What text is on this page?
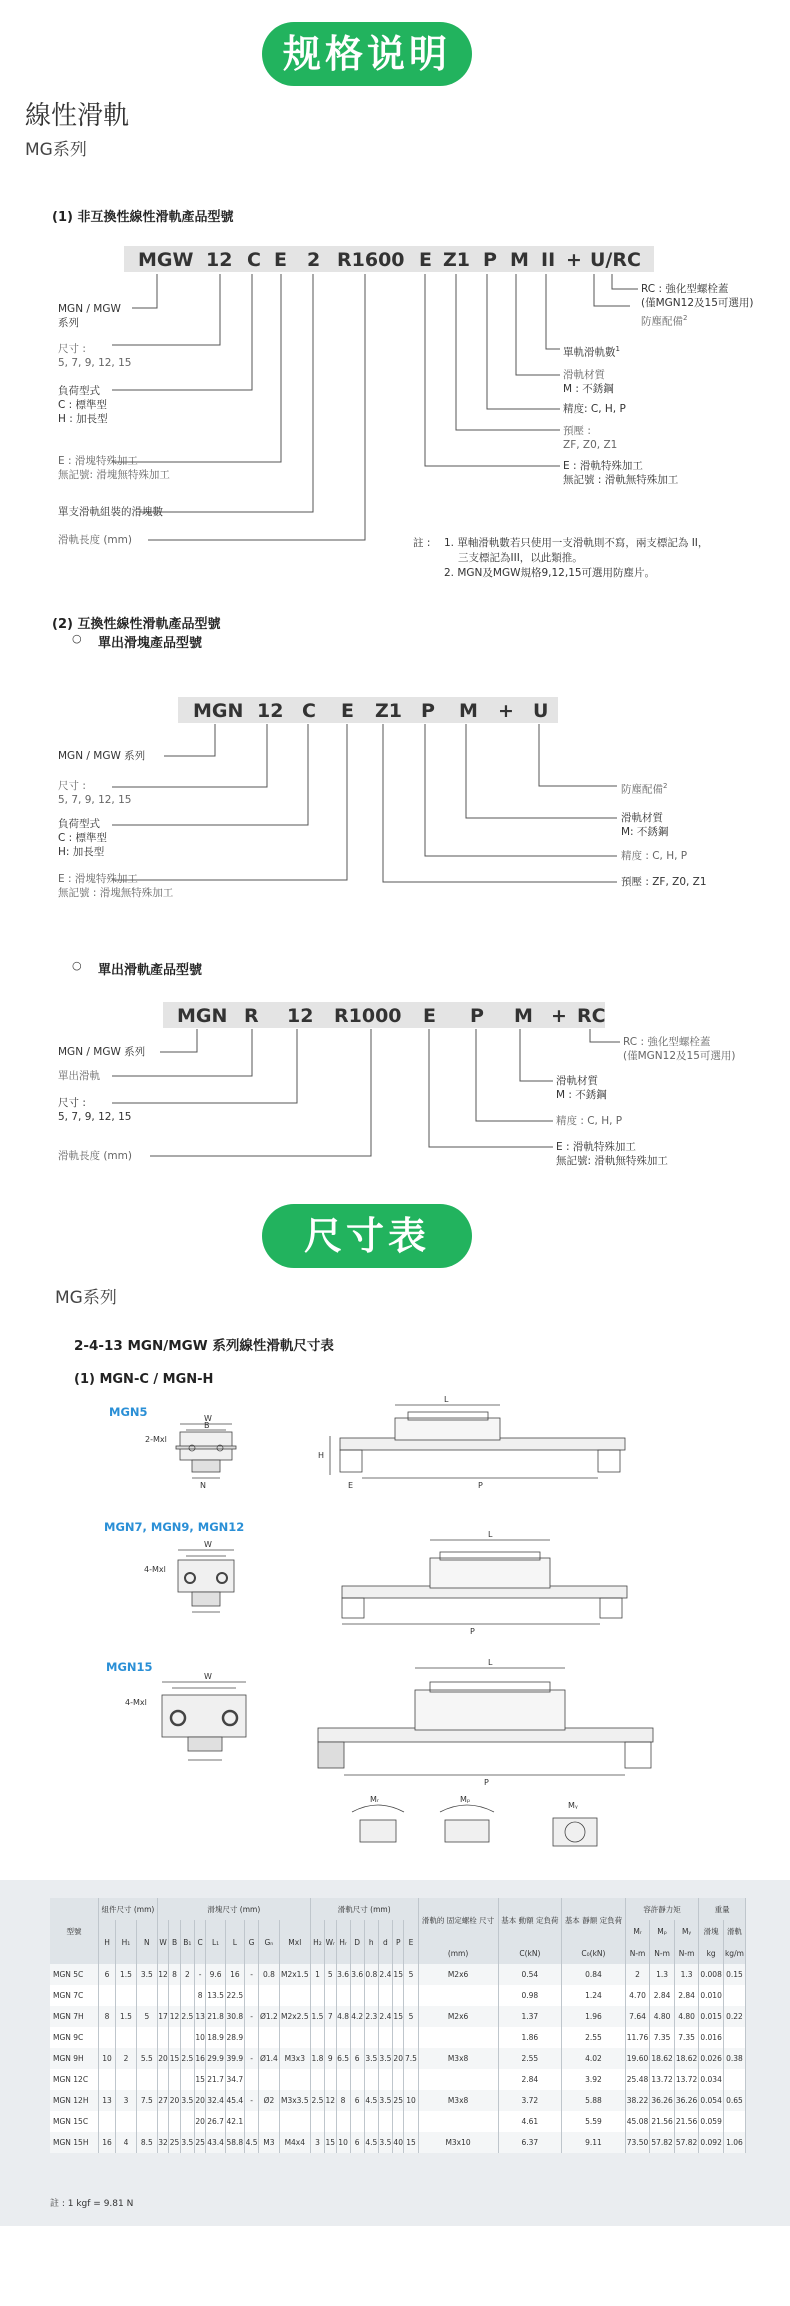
规格说明
線性滑軌
MG系列
(1) 非互換性線性滑軌產品型號
MGW 12 C E 2 R1600 E Z1 P M II + U/RC
MGN / MGW
系列
尺寸 :
5, 7, 9, 12, 15
負荷型式
C : 標準型
H : 加長型
E : 滑塊特殊加工
無記號: 滑塊無特殊加工
單支滑軌組裝的滑塊數
滑軌長度 (mm)
RC : 強化型螺栓蓋
(僅MGN12及15可選用)
防塵配備$^2$
單軌滑軌數$^1$
滑軌材質
M : 不銹鋼
精度: C, H, P
預壓 :
ZF, Z0, Z1
E : 滑軌特殊加工
無記號 : 滑軌無特殊加工
註 : 1. 單軸滑軌數若只使用一支滑軌則不寫，兩支標記為 II，
三支標記為III，以此類推。
2. MGN及MGW規格9,12,15可選用防塵片。
(2) 互換性線性滑軌產品型號
○ 單出滑塊產品型號
MGN 12 C E Z1 P M + U
MGN / MGW 系列
尺寸 :
5, 7, 9, 12, 15
負荷型式
C : 標準型
H: 加長型
E : 滑塊特殊加工
無記號 : 滑塊無特殊加工
防塵配備$^2$
滑軌材質
M: 不銹鋼
精度 : C, H, P
預壓 : ZF, Z0, Z1
○ 單出滑軌產品型號
MGN R 12 R1000 E P M + RC
MGN / MGW 系列
單出滑軌
尺寸 :
5, 7, 9, 12, 15
滑軌長度 (mm)
RC : 強化型螺栓蓋
(僅MGN12及15可選用)
滑軌材質
M : 不銹鋼
精度 : C, H, P
E : 滑軌特殊加工
無記號: 滑軌無特殊加工
尺寸表
MG系列
2-4-13 MGN/MGW 系列線性滑軌尺寸表
(1) MGN-C / MGN-H
MGN5
MGN7, MGN9, MGN12
MGN15
2-Mxl
W
B
N
H
L
P
E
4-Mxl
W
L
P
4-Mxl
W
L
P
Mᵣ	Mₚ
Mᵧ
型號	組件尺寸 (mm)			滑塊尺寸 (mm)									滑軌尺寸 (mm)								滑軌的 固定螺栓 尺寸	基本 動額 定負荷	基本 靜額 定負荷	容許靜力矩			重量	
	H	H₁	N	W	B	B₁	C	L₁	L	G	Gₙ	Mxl	H₂	Wᵣ	Hᵣ	D	h	d	P	E				Mᵣ	Mₚ	Mᵧ	滑塊	滑軌
																					(mm)	C(kN)	C₀(kN)	N-m	N-m	N-m	kg	kg/m
MGN 5C	6	1.5	3.5	12	8	2	-	9.6	16	-	0.8	M2x1.5	1	5	3.6	3.6	0.8	2.4	15	5	M2x6	0.54	0.84	2	1.3	1.3	0.008	0.15
MGN 7C							8	13.5	22.5													0.98	1.24	4.70	2.84	2.84	0.010	
MGN 7H	8	1.5	5	17	12	2.5	13	21.8	30.8	-	Ø1.2	M2x2.5	1.5	7	4.8	4.2	2.3	2.4	15	5	M2x6	1.37	1.96	7.64	4.80	4.80	0.015	0.22
MGN 9C							10	18.9	28.9													1.86	2.55	11.76	7.35	7.35	0.016	
MGN 9H	10	2	5.5	20	15	2.5	16	29.9	39.9	-	Ø1.4	M3x3	1.8	9	6.5	6	3.5	3.5	20	7.5	M3x8	2.55	4.02	19.60	18.62	18.62	0.026	0.38
MGN 12C							15	21.7	34.7													2.84	3.92	25.48	13.72	13.72	0.034	
MGN 12H	13	3	7.5	27	20	3.5	20	32.4	45.4	-	Ø2	M3x3.5	2.5	12	8	6	4.5	3.5	25	10	M3x8	3.72	5.88	38.22	36.26	36.26	0.054	0.65
MGN 15C							20	26.7	42.1													4.61	5.59	45.08	21.56	21.56	0.059	
MGN 15H	16	4	8.5	32	25	3.5	25	43.4	58.8	4.5	M3	M4x4	3	15	10	6	4.5	3.5	40	15	M3x10	6.37	9.11	73.50	57.82	57.82	0.092	1.06
註 : 1 kgf = 9.81 N
